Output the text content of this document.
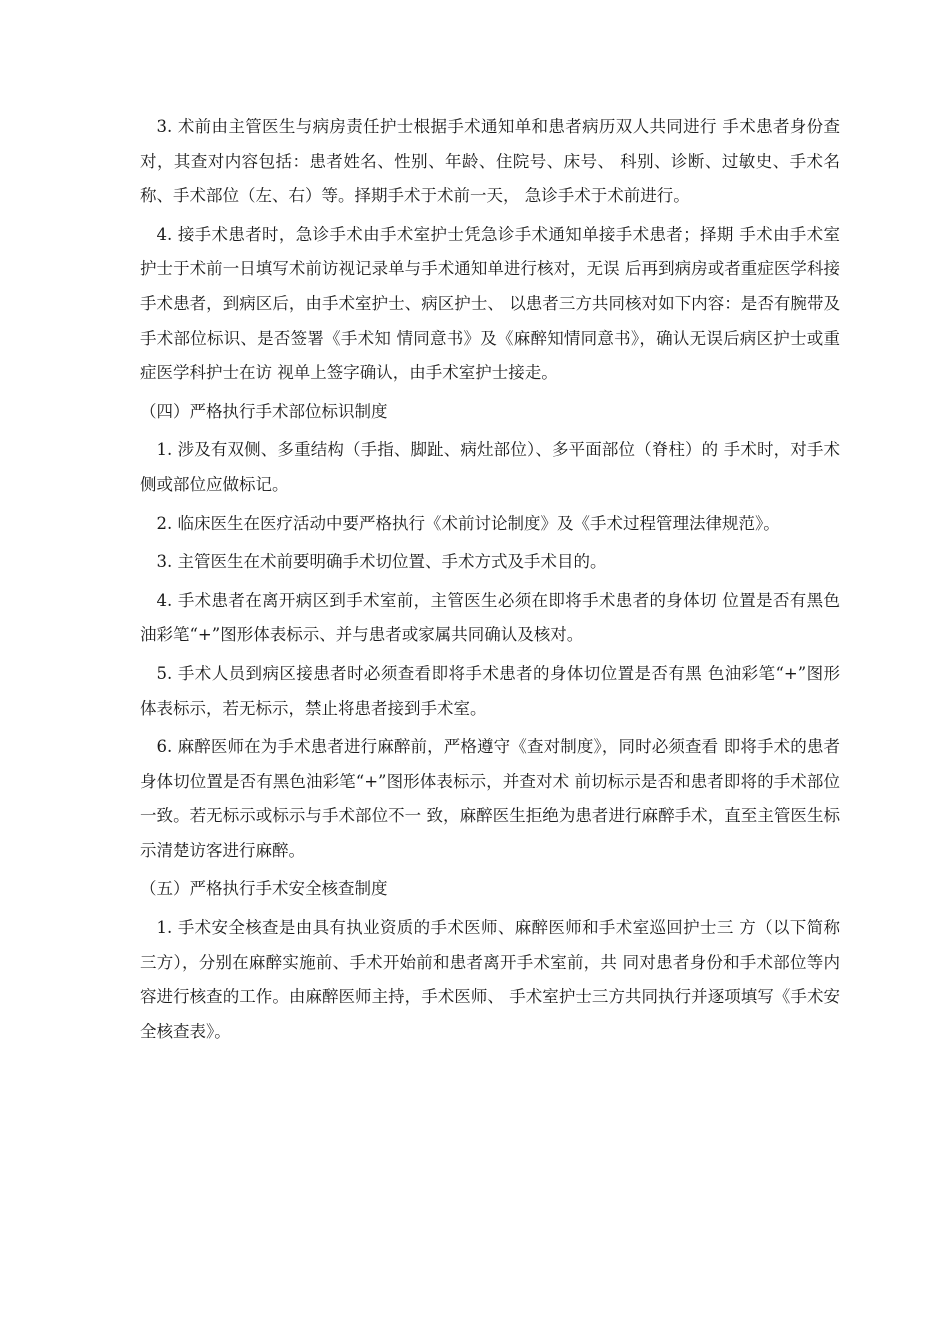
3. 术前由主管医生与病房责任护士根据手术通知单和患者病历双人共同进行 手术患者身份查对，其查对内容包括：患者姓名、性别、年龄、住院号、床号、 科别、诊断、过敏史、手术名称、手术部位（左、右）等。择期手术于术前一天， 急诊手术于术前进行。

4. 接手术患者时，急诊手术由手术室护士凭急诊手术通知单接手术患者；择期 手术由手术室护士于术前一日填写术前访视记录单与手术通知单进行核对，无误 后再到病房或者重症医学科接手术患者，到病区后，由手术室护士、病区护士、 以患者三方共同核对如下内容：是否有腕带及手术部位标识、是否签署《手术知 情同意书》及《麻醉知情同意书》，确认无误后病区护士或重症医学科护士在访 视单上签字确认，由手术室护士接走。

（四）严格执行手术部位标识制度

1. 涉及有双侧、多重结构（手指、脚趾、病灶部位）、多平面部位（脊柱）的 手术时，对手术侧或部位应做标记。

2. 临床医生在医疗活动中要严格执行《术前讨论制度》及《手术过程管理法律规范》。

3. 主管医生在术前要明确手术切位置、手术方式及手术目的。

4. 手术患者在离开病区到手术室前，主管医生必须在即将手术患者的身体切 位置是否有黑色油彩笔“+”图形体表标示、并与患者或家属共同确认及核对。

5. 手术人员到病区接患者时必须查看即将手术患者的身体切位置是否有黑 色油彩笔“+”图形体表标示，若无标示，禁止将患者接到手术室。

6. 麻醉医师在为手术患者进行麻醉前，严格遵守《查对制度》，同时必须查看 即将手术的患者身体切位置是否有黑色油彩笔“+”图形体表标示，并查对术 前切标示是否和患者即将的手术部位一致。若无标示或标示与手术部位不一 致，麻醉医生拒绝为患者进行麻醉手术，直至主管医生标示清楚访客进行麻醉。

（五）严格执行手术安全核查制度

1. 手术安全核查是由具有执业资质的手术医师、麻醉医师和手术室巡回护士三 方（以下简称三方），分别在麻醉实施前、手术开始前和患者离开手术室前，共 同对患者身份和手术部位等内容进行核查的工作。由麻醉医师主持，手术医师、 手术室护士三方共同执行并逐项填写《手术安全核查表》。
